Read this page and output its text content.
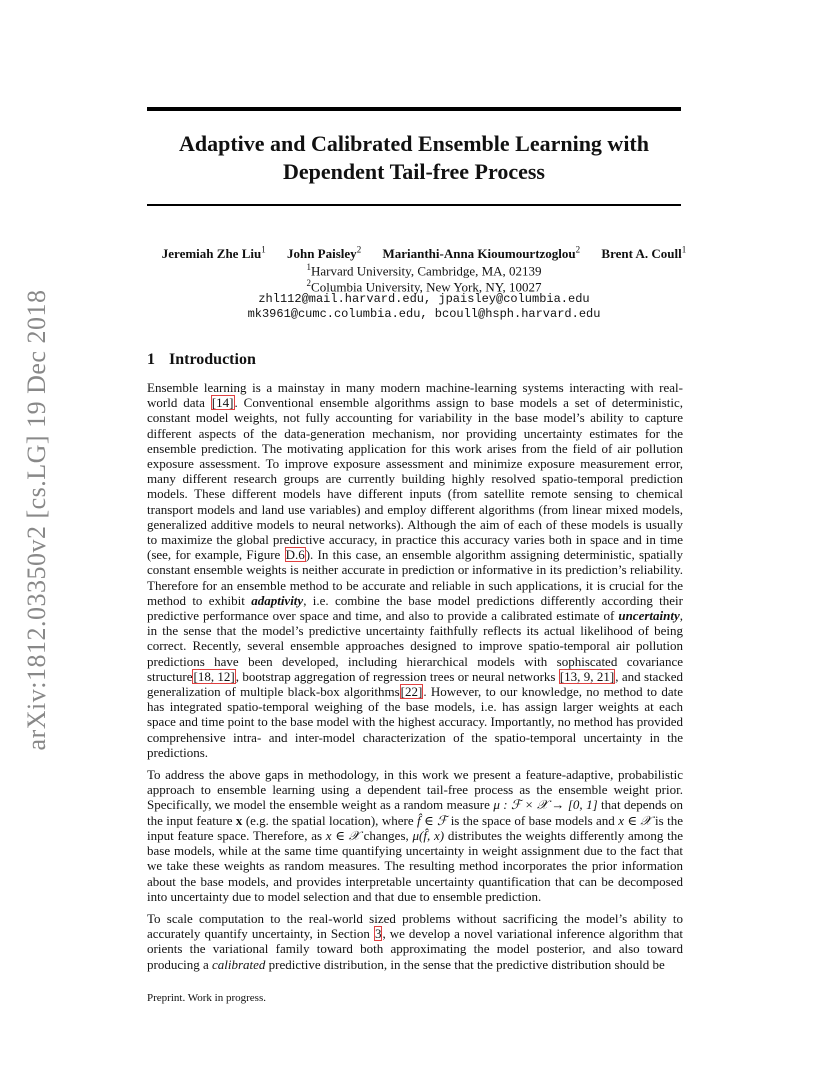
arXiv:1812.03350v2 [cs.LG] 19 Dec 2018
Adaptive and Calibrated Ensemble Learning with
Dependent Tail-free Process
Jeremiah Zhe Liu$^1$ John Paisley$^2$ Marianthi-Anna Kioumourtzoglou$^2$ Brent A. Coull$^1$
$^1$Harvard University, Cambridge, MA, 02139
$^2$Columbia University, New York, NY, 10027
zhl112@mail.harvard.edu, jpaisley@columbia.edu
mk3961@cumc.columbia.edu, bcoull@hsph.harvard.edu
1 Introduction

Ensemble learning is a mainstay in many modern machine-learning systems interacting with real-world data [14]. Conventional ensemble algorithms assign to base models a set of deterministic, constant model weights, not fully accounting for variability in the base model’s ability to capture different aspects of the data-generation mechanism, nor providing uncertainty estimates for the ensemble prediction. The motivating application for this work arises from the field of air pollution exposure assessment. To improve exposure assessment and minimize exposure measurement error, many different research groups are currently building highly resolved spatio-temporal prediction models. These different models have different inputs (from satellite remote sensing to chemical transport models and land use variables) and employ different algorithms (from linear mixed models, generalized additive models to neural networks). Although the aim of each of these models is usually to maximize the global predictive accuracy, in practice this accuracy varies both in space and in time (see, for example, Figure D.6). In this case, an ensemble algorithm assigning deterministic, spatially constant ensemble weights is neither accurate in prediction or informative in its prediction’s reliability. Therefore for an ensemble method to be accurate and reliable in such applications, it is crucial for the method to exhibit adaptivity, i.e. combine the base model predictions differently according their predictive performance over space and time, and also to provide a calibrated estimate of uncertainty, in the sense that the model’s predictive uncertainty faithfully reflects its actual likelihood of being correct. Recently, several ensemble approaches designed to improve spatio-temporal air pollution predictions have been developed, including hierarchical models with sophiscated covariance structure[18, 12], bootstrap aggregation of regression trees or neural networks [13, 9, 21], and stacked generalization of multiple black-box algorithms[22]. However, to our knowledge, no method to date has integrated spatio-temporal weighing of the base models, i.e. has assign larger weights at each space and time point to the base model with the highest accuracy. Importantly, no method has provided comprehensive intra- and inter-model characterization of the spatio-temporal uncertainty in the predictions.

To address the above gaps in methodology, in this work we present a feature-adaptive, probabilistic approach to ensemble learning using a dependent tail-free process as the ensemble weight prior. Specifically, we model the ensemble weight as a random measure μ : ℱ × 𝒳 → [0, 1] that depends on the input feature x (e.g. the spatial location), where f̂ ∈ ℱ is the space of base models and x ∈ 𝒳 is the input feature space. Therefore, as x ∈ 𝒳 changes, μ(f̂, x) distributes the weights differently among the base models, while at the same time quantifying uncertainty in weight assignment due to the fact that we take these weights as random measures. The resulting method incorporates the prior information about the base models, and provides interpretable uncertainty quantification that can be decomposed into uncertainty due to model selection and that due to ensemble prediction.

To scale computation to the real-world sized problems without sacrificing the model’s ability to accurately quantify uncertainty, in Section 3, we develop a novel variational inference algorithm that orients the variational family toward both approximating the model posterior, and also toward producing a calibrated predictive distribution, in the sense that the predictive distribution should be

Preprint. Work in progress.
